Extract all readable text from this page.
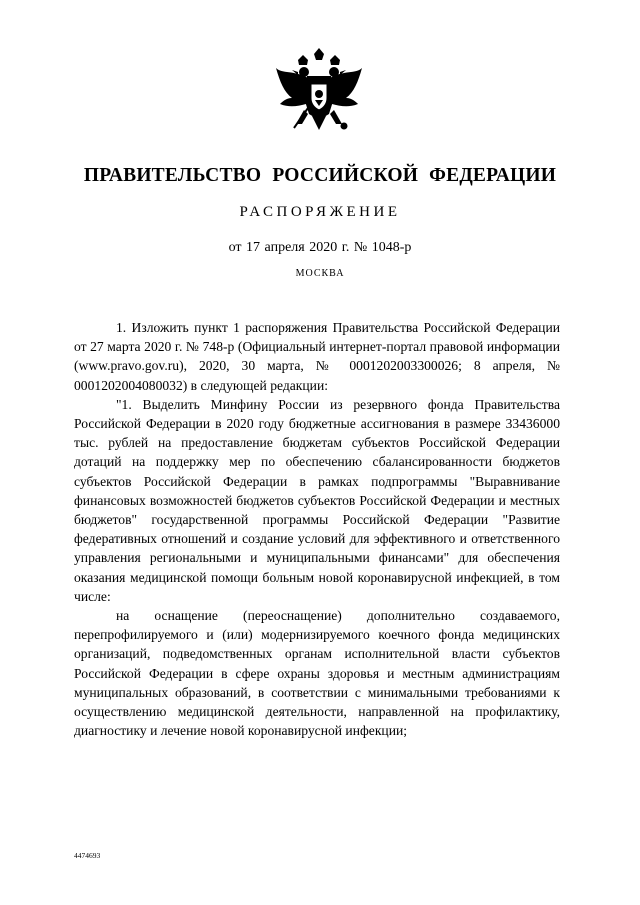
ПРАВИТЕЛЬСТВО РОССИЙСКОЙ ФЕДЕРАЦИИ
РАСПОРЯЖЕНИЕ
от 17 апреля 2020 г. № 1048-р
МОСКВА

1. Изложить пункт 1 распоряжения Правительства Российской Федерации от 27 марта 2020 г. № 748-р (Официальный интернет-портал правовой информации (www.pravo.gov.ru), 2020, 30 марта, № 0001202003300026; 8 апреля, № 0001202004080032) в следующей редакции:

"1. Выделить Минфину России из резервного фонда Правительства Российской Федерации в 2020 году бюджетные ассигнования в размере 33436000 тыс. рублей на предоставление бюджетам субъектов Российской Федерации дотаций на поддержку мер по обеспечению сбалансированности бюджетов субъектов Российской Федерации в рамках подпрограммы "Выравнивание финансовых возможностей бюджетов субъектов Российской Федерации и местных бюджетов" государственной программы Российской Федерации "Развитие федеративных отношений и создание условий для эффективного и ответственного управления региональными и муниципальными финансами" для обеспечения оказания медицинской помощи больным новой коронавирусной инфекцией, в том числе:

на оснащение (переоснащение) дополнительно создаваемого, перепрофилируемого и (или) модернизируемого коечного фонда медицинских организаций, подведомственных органам исполнительной власти субъектов Российской Федерации в сфере охраны здоровья и местным администрациям муниципальных образований, в соответствии с минимальными требованиями к осуществлению медицинской деятельности, направленной на профилактику, диагностику и лечение новой коронавирусной инфекции;

4474693
